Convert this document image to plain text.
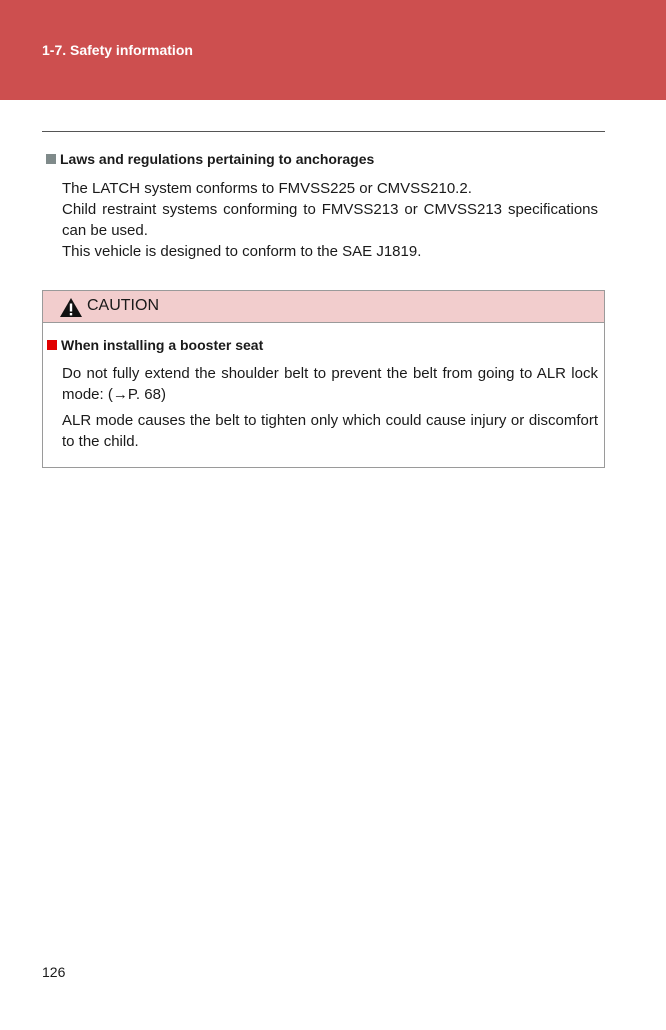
1-7. Safety information
Laws and regulations pertaining to anchorages
The LATCH system conforms to FMVSS225 or CMVSS210.2.
Child restraint systems conforming to FMVSS213 or CMVSS213 specifications can be used.
This vehicle is designed to conform to the SAE J1819.
CAUTION
When installing a booster seat
Do not fully extend the shoulder belt to prevent the belt from going to ALR lock mode: (→P. 68)
ALR mode causes the belt to tighten only which could cause injury or discomfort to the child.
126
